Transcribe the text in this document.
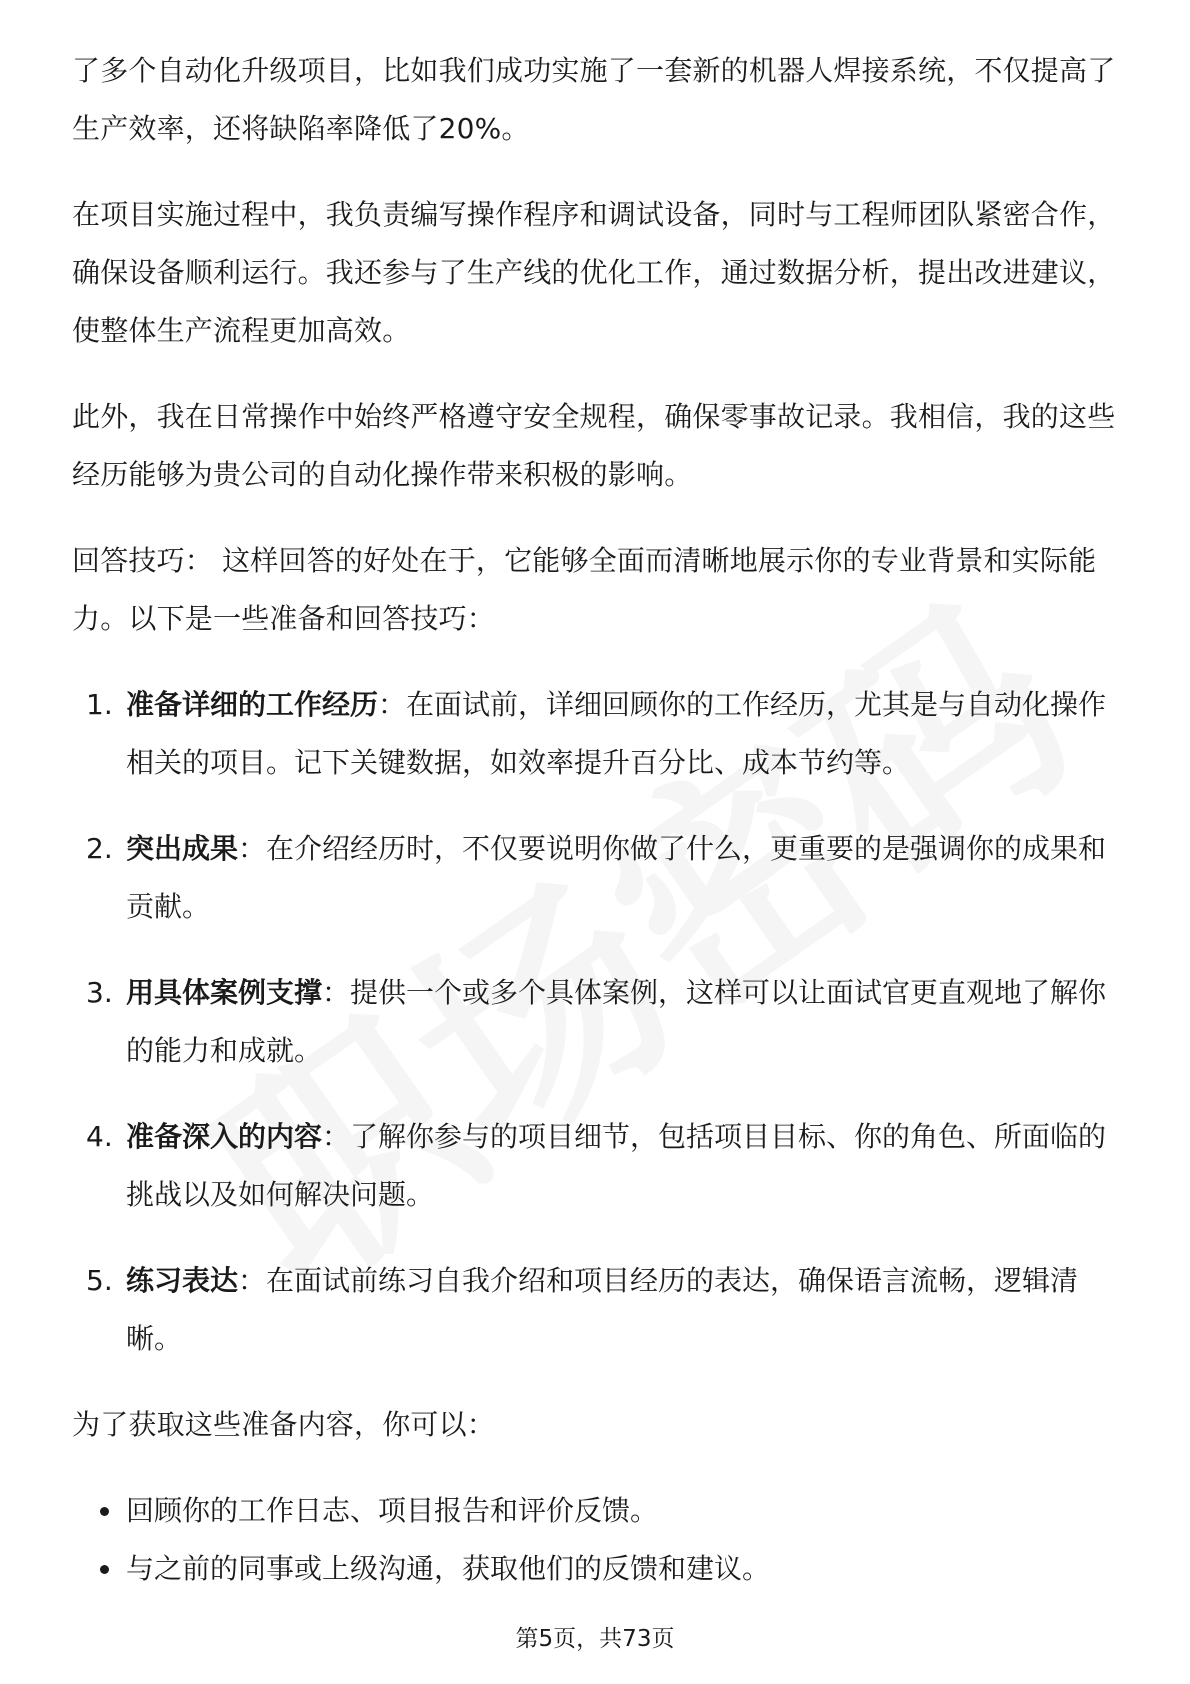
了多个自动化升级项目，比如我们成功实施了一套新的机器人焊接系统，不仅提高了生产效率，还将缺陷率降低了20%。

在项目实施过程中，我负责编写操作程序和调试设备，同时与工程师团队紧密合作，确保设备顺利运行。我还参与了生产线的优化工作，通过数据分析，提出改进建议，使整体生产流程更加高效。

此外，我在日常操作中始终严格遵守安全规程，确保零事故记录。我相信，我的这些经历能够为贵公司的自动化操作带来积极的影响。

回答技巧： 这样回答的好处在于，它能够全面而清晰地展示你的专业背景和实际能力。以下是一些准备和回答技巧：

1. 准备详细的工作经历：在面试前，详细回顾你的工作经历，尤其是与自动化操作相关的项目。记下关键数据，如效率提升百分比、成本节约等。
2. 突出成果：在介绍经历时，不仅要说明你做了什么，更重要的是强调你的成果和贡献。
3. 用具体案例支撑：提供一个或多个具体案例，这样可以让面试官更直观地了解你的能力和成就。
4. 准备深入的内容：了解你参与的项目细节，包括项目目标、你的角色、所面临的挑战以及如何解决问题。
5. 练习表达：在面试前练习自我介绍和项目经历的表达，确保语言流畅，逻辑清晰。

为了获取这些准备内容，你可以：

回顾你的工作日志、项目报告和评价反馈。
与之前的同事或上级沟通，获取他们的反馈和建议。
第5页，共73页
